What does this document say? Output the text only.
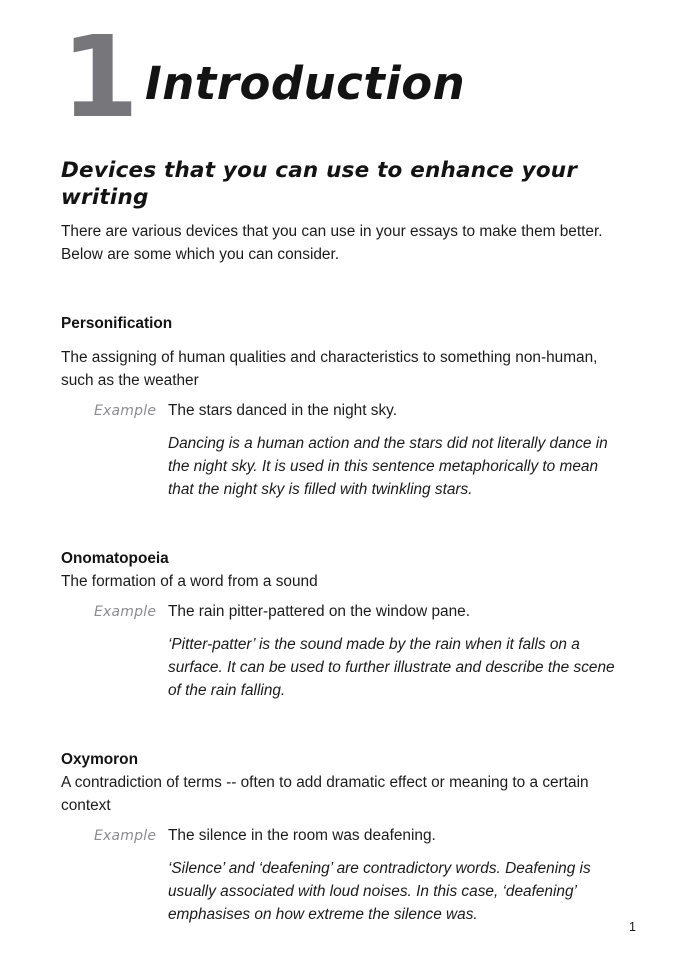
1 Introduction
Devices that you can use to enhance your writing

There are various devices that you can use in your essays to make them better. Below are some which you can consider.

Personification

The assigning of human qualities and characteristics to something non-human, such as the weather

Example The stars danced in the night sky.

Dancing is a human action and the stars did not literally dance in the night sky. It is used in this sentence metaphorically to mean that the night sky is filled with twinkling stars.

Onomatopoeia

The formation of a word from a sound

Example The rain pitter-pattered on the window pane.

‘Pitter-patter’ is the sound made by the rain when it falls on a surface. It can be used to further illustrate and describe the scene of the rain falling.

Oxymoron

A contradiction of terms -- often to add dramatic effect or meaning to a certain context

Example The silence in the room was deafening.

‘Silence’ and ‘deafening’ are contradictory words. Deafening is usually associated with loud noises. In this case, ‘deafening’ emphasises on how extreme the silence was.

1
